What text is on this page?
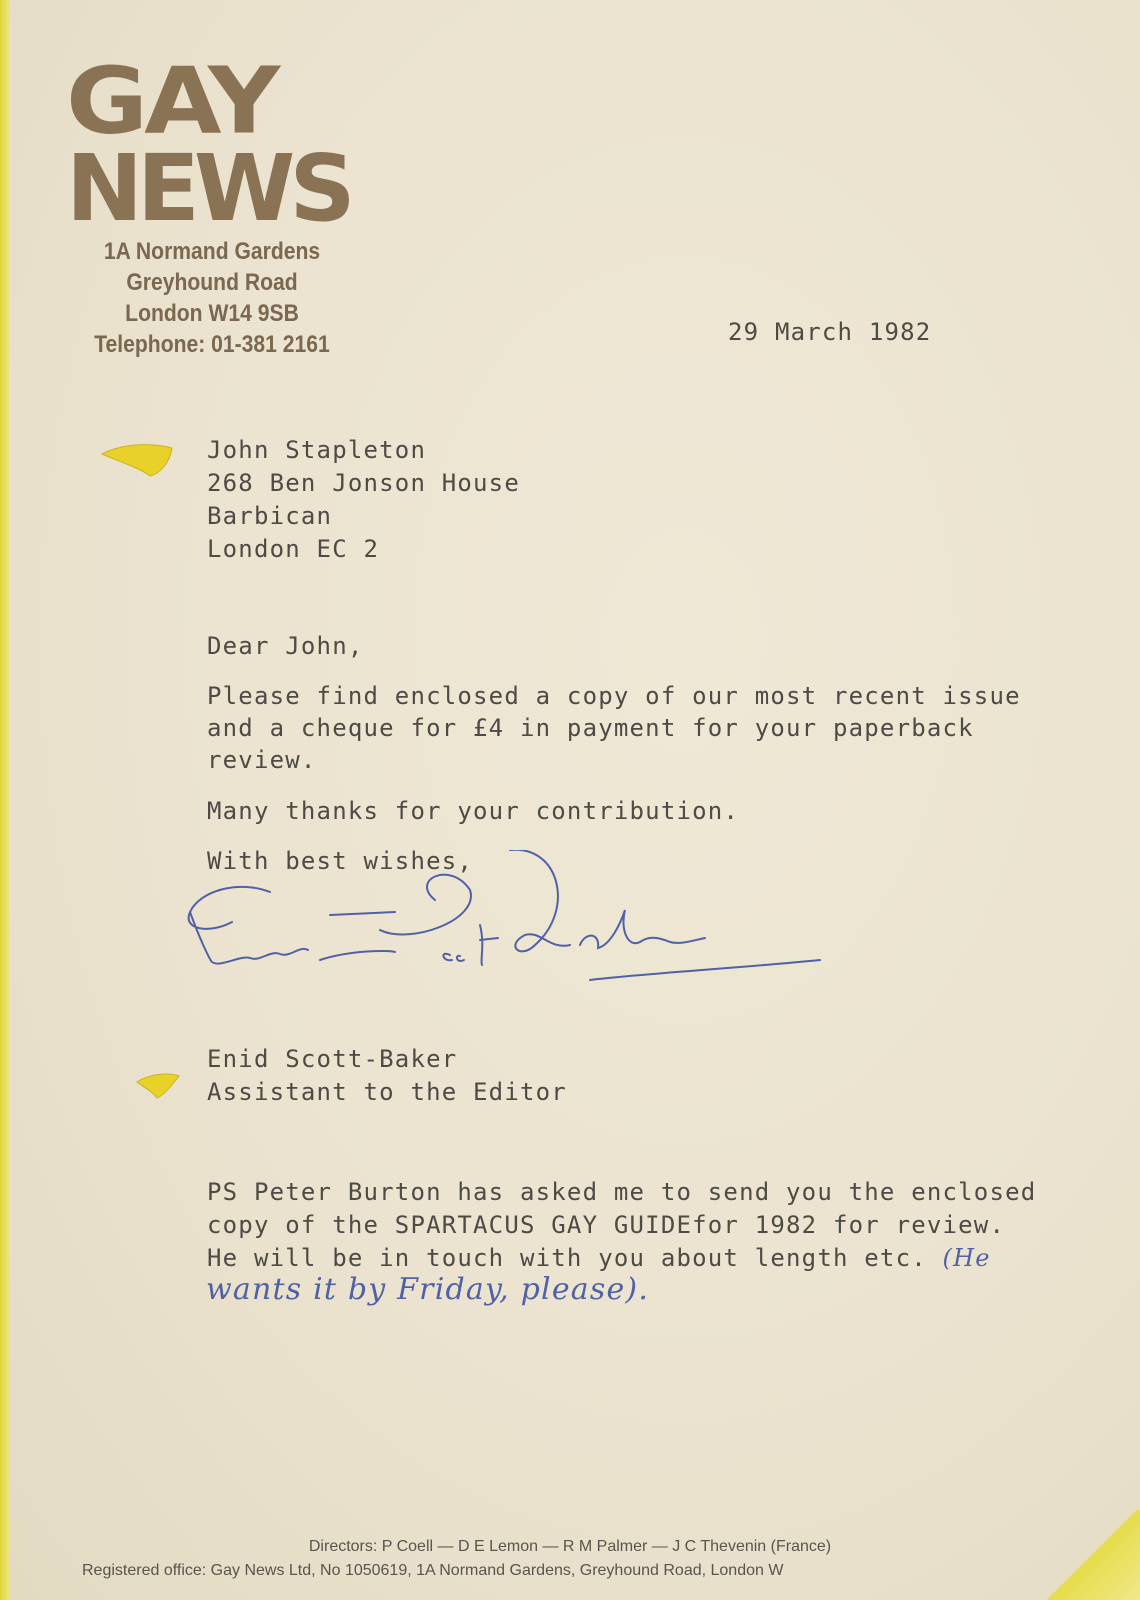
GAY
NEWS
1A Normand Gardens
Greyhound Road
London W14 9SB
Telephone: 01-381 2161	29 March 1982
John Stapleton
268 Ben Jonson House
Barbican
London EC 2
Dear John,
Please find enclosed a copy of our most recent issue
and a cheque for £4 in payment for your paperback
review.
Many thanks for your contribution.
With best wishes,
Enid Scott-Baker
Assistant to the Editor
PS Peter Burton has asked me to send you the enclosed
copy of the SPARTACUS GAY GUIDEfor 1982 for review.
He will be in touch with you about length etc. (He
wants it by Friday, please).
Directors: P Coell — D E Lemon — R M Palmer — J C Thevenin (France)
Registered office: Gay News Ltd, No 1050619, 1A Normand Gardens, Greyhound Road, London W
